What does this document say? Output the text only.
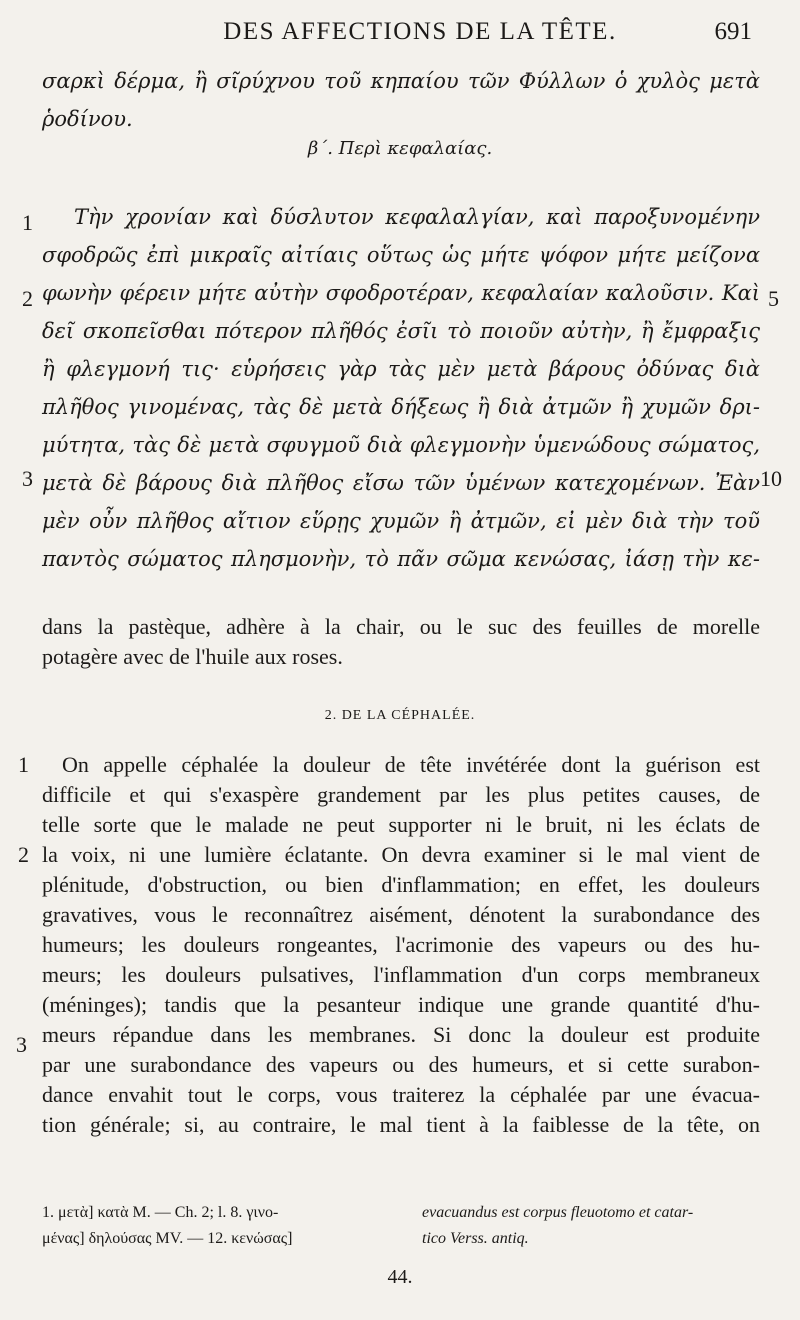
DES AFFECTIONS DE LA TÊTE.	691
σαρκὶ δέρμα, ἢ σῖρύχνου τοῦ κηπαίου τῶν Φύλλων ὁ χυλὸς μετὰ
ῥοδίνου.
β΄. Περὶ κεφαλαίας.
Τὴν χρονίαν καὶ δύσλυτον κεφαλαλγίαν, καὶ παροξυνομένην
σφοδρῶς ἐπὶ μικραῖς αἰτίαις οὕτως ὡς μήτε ψόφον μήτε μείζονα
φωνὴν φέρειν μήτε αὐτὴν σφοδροτέραν, κεφαλαίαν καλοῦσιν. Καὶ
δεῖ σκοπεῖσθαι πότερον πλῆθός ἐσῖι τὸ ποιοῦν αὐτὴν, ἢ ἔμφραξις
ἢ φλεγμονή τις· εὑρήσεις γὰρ τὰς μὲν μετὰ βάρους ὀδύνας διὰ
πλῆθος γινομένας, τὰς δὲ μετὰ δήξεως ἢ διὰ ἀτμῶν ἢ χυμῶν δρι-
μύτητα, τὰς δὲ μετὰ σφυγμοῦ διὰ φλεγμονὴν ὑμενώδους σώματος,
μετὰ δὲ βάρους διὰ πλῆθος εἴσω τῶν ὑμένων κατεχομένων. Ἐὰν
μὲν οὖν πλῆθος αἴτιον εὕρῃς χυμῶν ἢ ἀτμῶν, εἰ μὲν διὰ τὴν τοῦ
παντὸς σώματος πλησμονὴν, τὸ πᾶν σῶμα κενώσας, ἰάσῃ τὴν κε-
1
2
3
5
10
dans la pastèque, adhère à la chair, ou le suc des feuilles de morelle
potagère avec de l'huile aux roses.
2. DE LA CÉPHALÉE.
On appelle céphalée la douleur de tête invétérée dont la guérison est
difficile et qui s'exaspère grandement par les plus petites causes, de
telle sorte que le malade ne peut supporter ni le bruit, ni les éclats de
la voix, ni une lumière éclatante. On devra examiner si le mal vient de
plénitude, d'obstruction, ou bien d'inflammation; en effet, les douleurs
gravatives, vous le reconnaîtrez aisément, dénotent la surabondance des
humeurs; les douleurs rongeantes, l'acrimonie des vapeurs ou des hu-
meurs; les douleurs pulsatives, l'inflammation d'un corps membraneux
(méninges); tandis que la pesanteur indique une grande quantité d'hu-
meurs répandue dans les membranes. Si donc la douleur est produite
par une surabondance des vapeurs ou des humeurs, et si cette surabon-
dance envahit tout le corps, vous traiterez la céphalée par une évacua-
tion générale; si, au contraire, le mal tient à la faiblesse de la tête, on
1
2
3
1. μετὰ] κατὰ M. — Ch. 2; l. 8. γινο-
μένας] δηλούσας MV. — 12. κενώσας]
evacuandus est corpus fleuotomo et catar-
tico Verss. antiq.
44.
